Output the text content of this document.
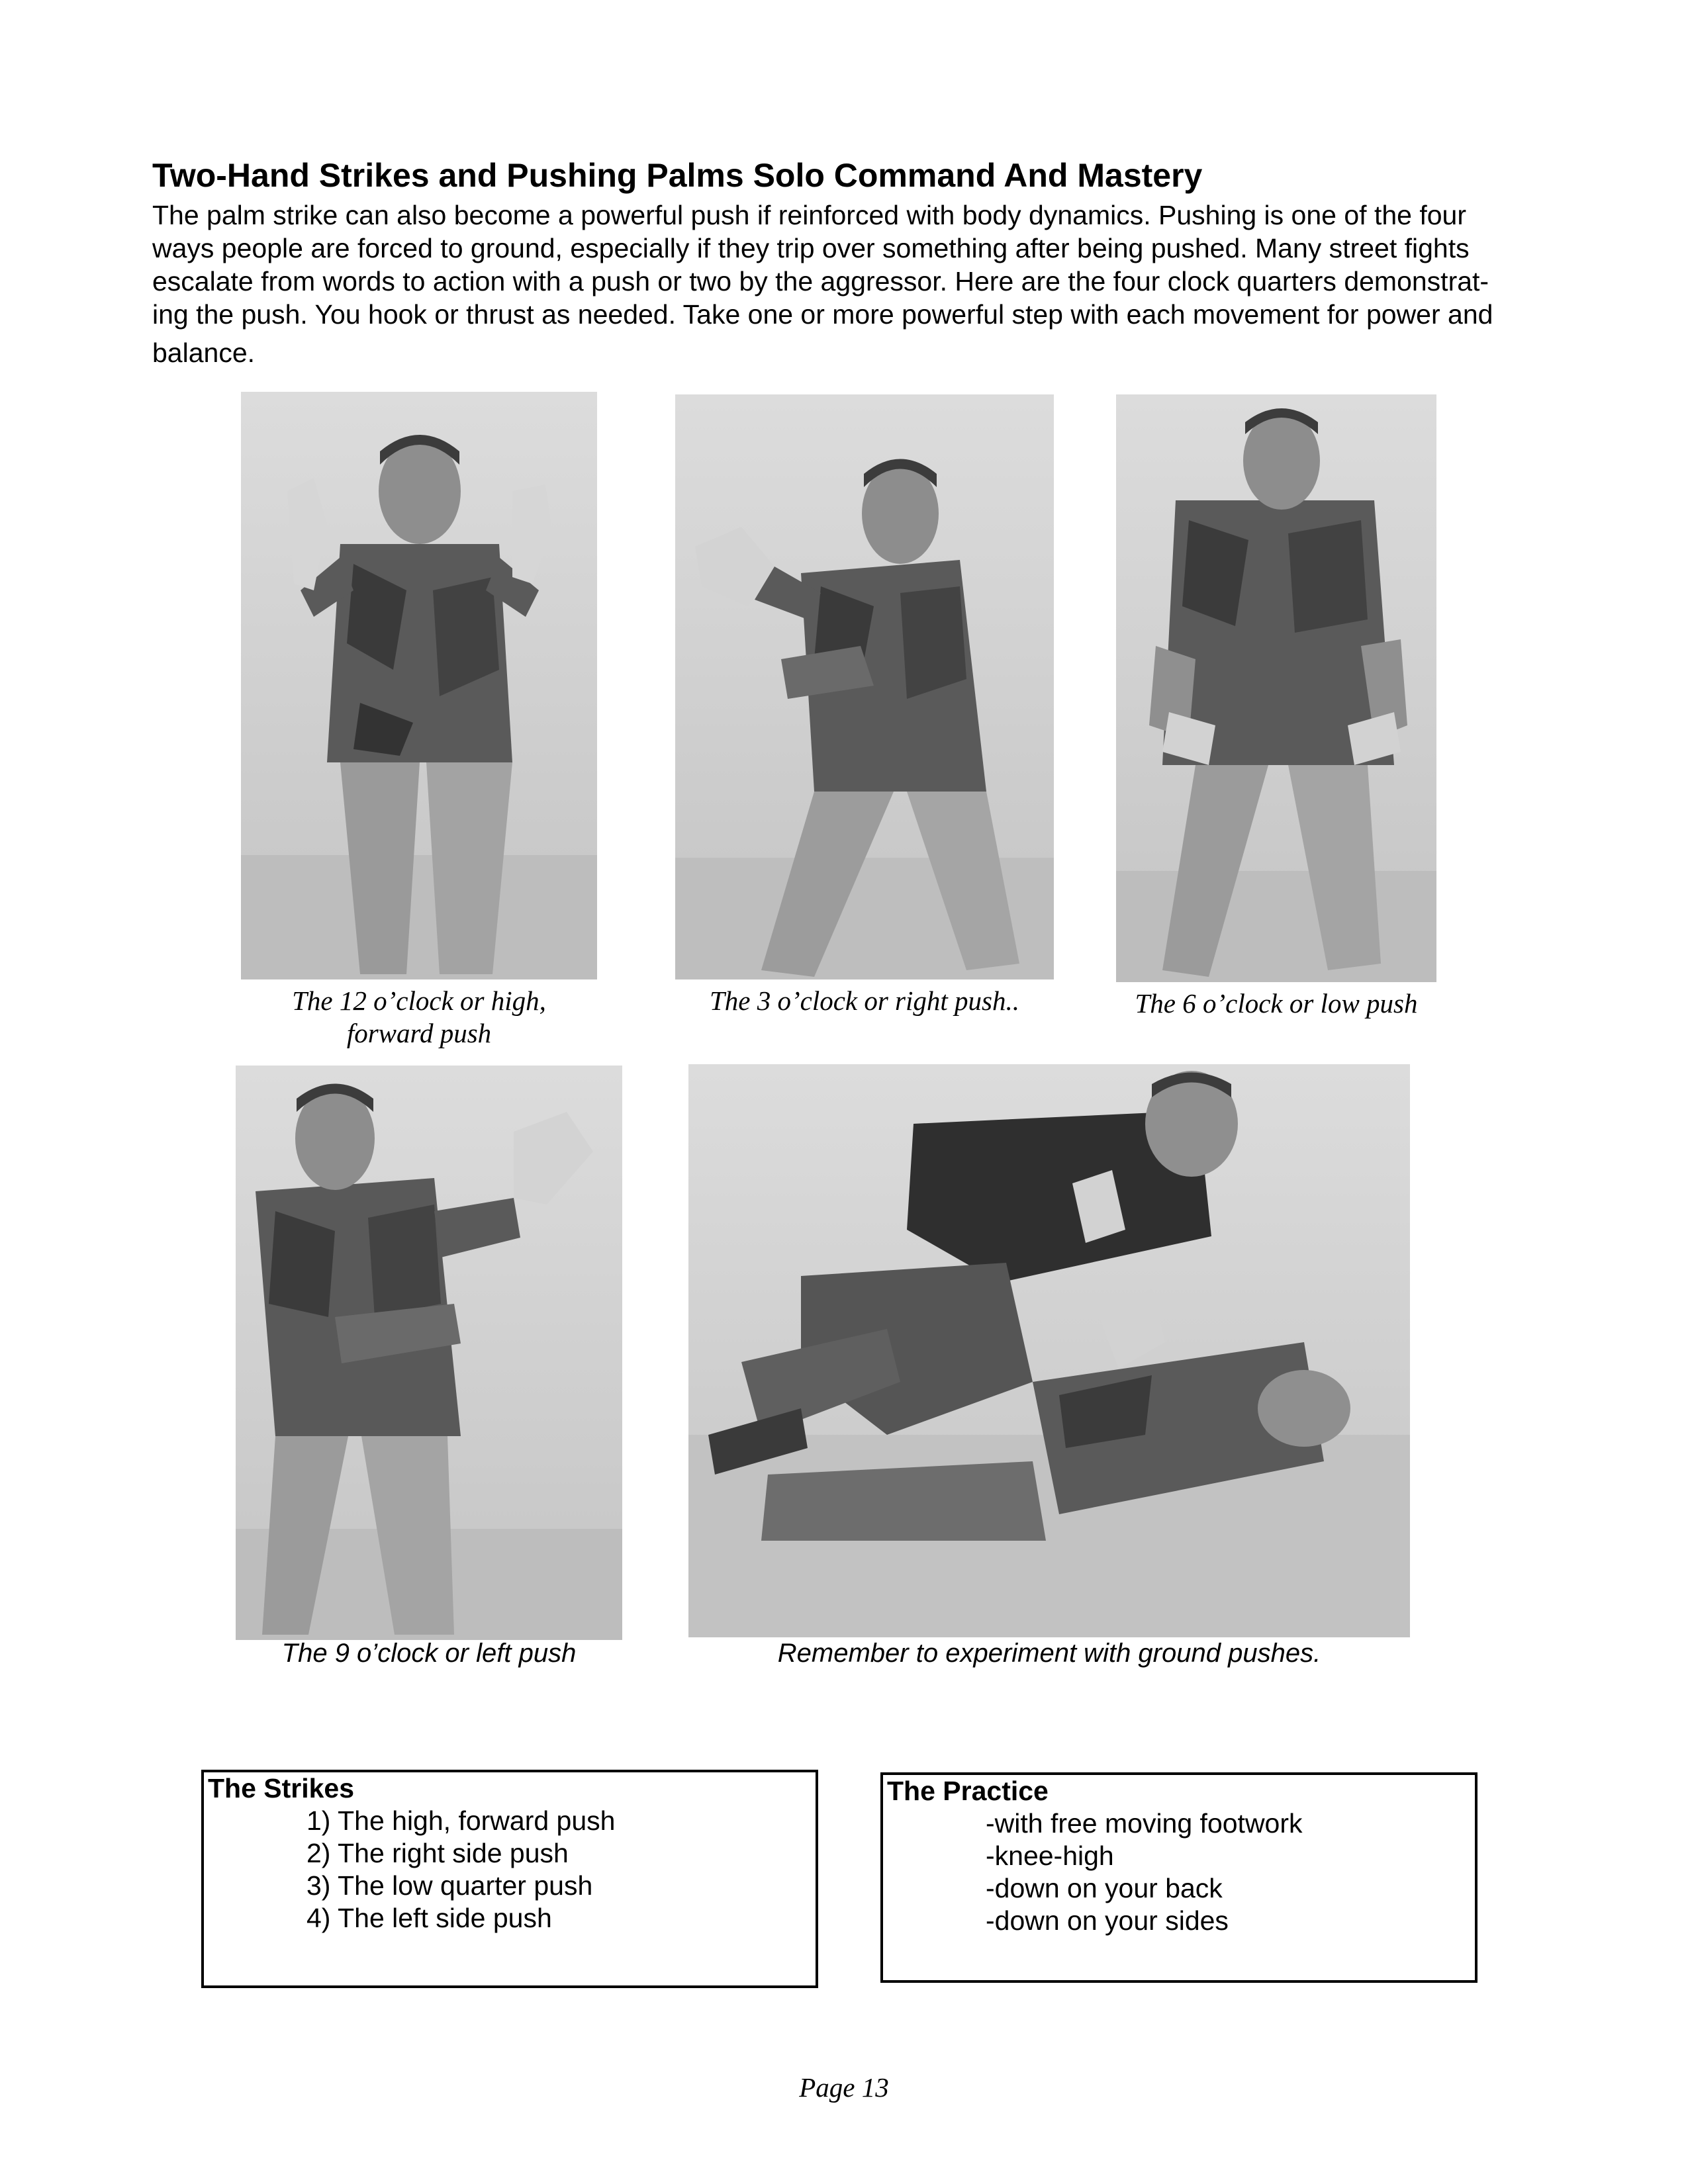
Two-Hand Strikes and Pushing Palms Solo Command And Mastery
The palm strike can also become a powerful push if reinforced with body dynamics. Pushing is one of the four
ways people are forced to ground, especially if they trip over something after being pushed. Many street fights
escalate from words to action with a push or two by the aggressor. Here are the four clock quarters demonstrat-
ing the push. You hook or thrust as needed. Take one or more powerful step with each movement for power and
balance.
The 12 o’clock or high,
forward push
The 3 o’clock or right push..	The 6 o’clock or low push
The 9 o’clock or left push	Remember to experiment with ground pushes.
The Strikes
1) The high, forward push
2) The right side push
3) The low quarter push
4) The left side push
The Practice
-with free moving footwork
-knee-high
-down on your back
-down on your sides
Page 13
